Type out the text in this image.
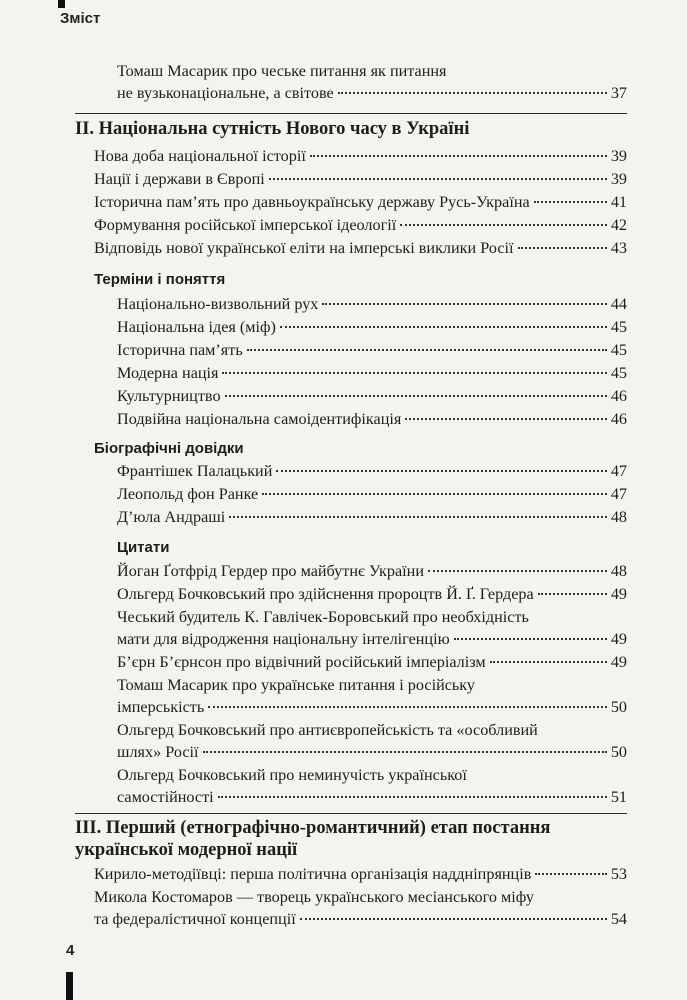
Зміст
Томаш Масарик про чеське питання як питання
не вузьконаціональне, а світове	37
II. Національна сутність Нового часу в Україні
Нова доба національної історії	39
Нації і держави в Європі	39
Історична пам’ять про давньоукраїнську державу Русь-Україна	41
Формування російської імперської ідеології	42
Відповідь нової української еліти на імперські виклики Росії	43
Терміни і поняття
Національно-визвольний рух	44
Національна ідея (міф)	45
Історична пам’ять	45
Модерна нація	45
Культурництво	46
Подвійна національна самоідентифікація	46
Біографічні довідки
Франтішек Палацький	47
Леопольд фон Ранке	47
Д’юла Андраші	48
Цитати
Йоган Ґотфрід Гердер про майбутнє України	48
Ольгерд Бочковський про здійснення пророцтв Й. Ґ. Гердера	49
Чеський будитель К. Гавлічек-Боровський про необхідність
мати для відродження національну інтелігенцію	49
Б’єрн Б’єрнсон про відвічний російський імперіалізм	49
Томаш Масарик про українське питання і російську
імперськість	50
Ольгерд Бочковський про антиєвропейськість та «особливий
шлях» Росії	50
Ольгерд Бочковський про неминучість української
самостійності	51
III. Перший (етнографічно-романтичний) етап постання
української модерної нації
Кирило-методіївці: перша політична організація наддніпрянців	53
Микола Костомаров — творець українського месіанського міфу
та федералістичної концепції	54
4
